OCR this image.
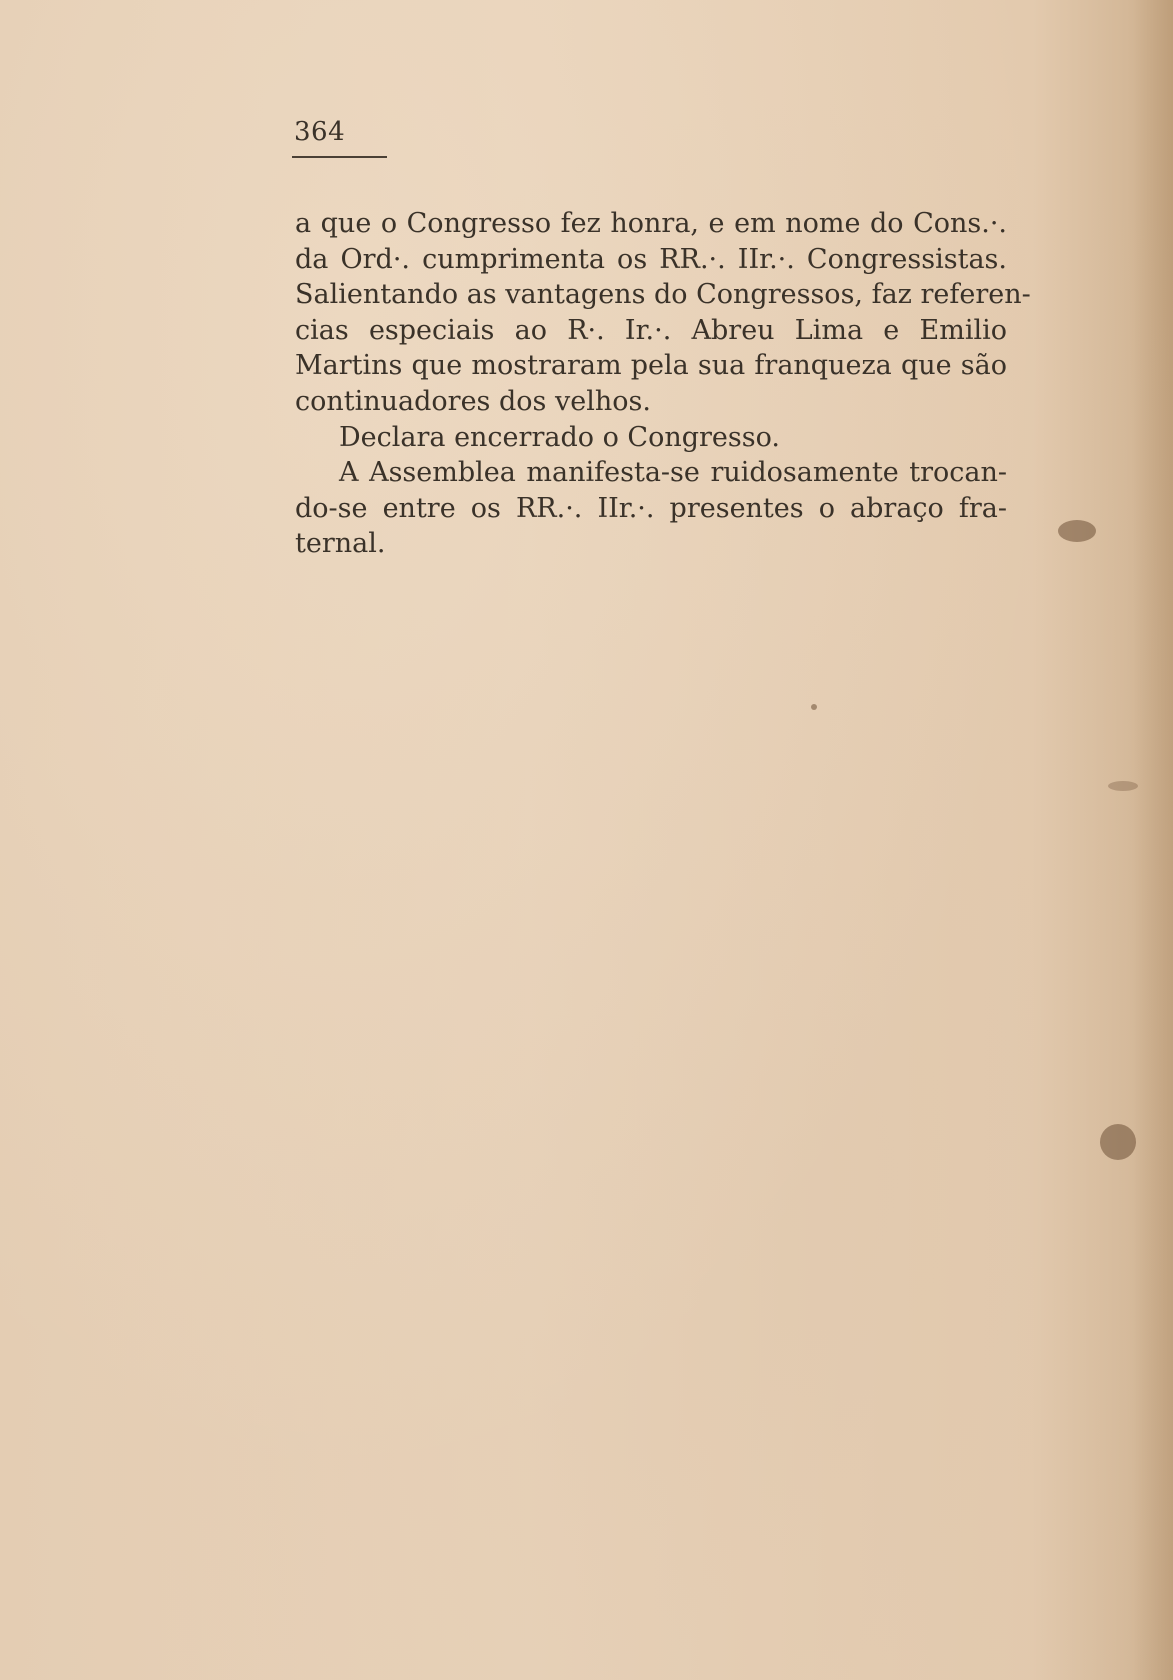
364
a que o Congresso fez honra, e em nome do Cons.·.
da Ord·. cumprimenta os RR.·. IIr.·. Congressistas.
Salientando as vantagens do Congressos, faz referen-
cias especiais ao R·. Ir.·. Abreu Lima e Emilio
Martins que mostraram pela sua franqueza que são
continuadores dos velhos.
Declara encerrado o Congresso.
A Assemblea manifesta-se ruidosamente trocan-
do-se entre os RR.·. IIr.·. presentes o abraço fra-
ternal.
